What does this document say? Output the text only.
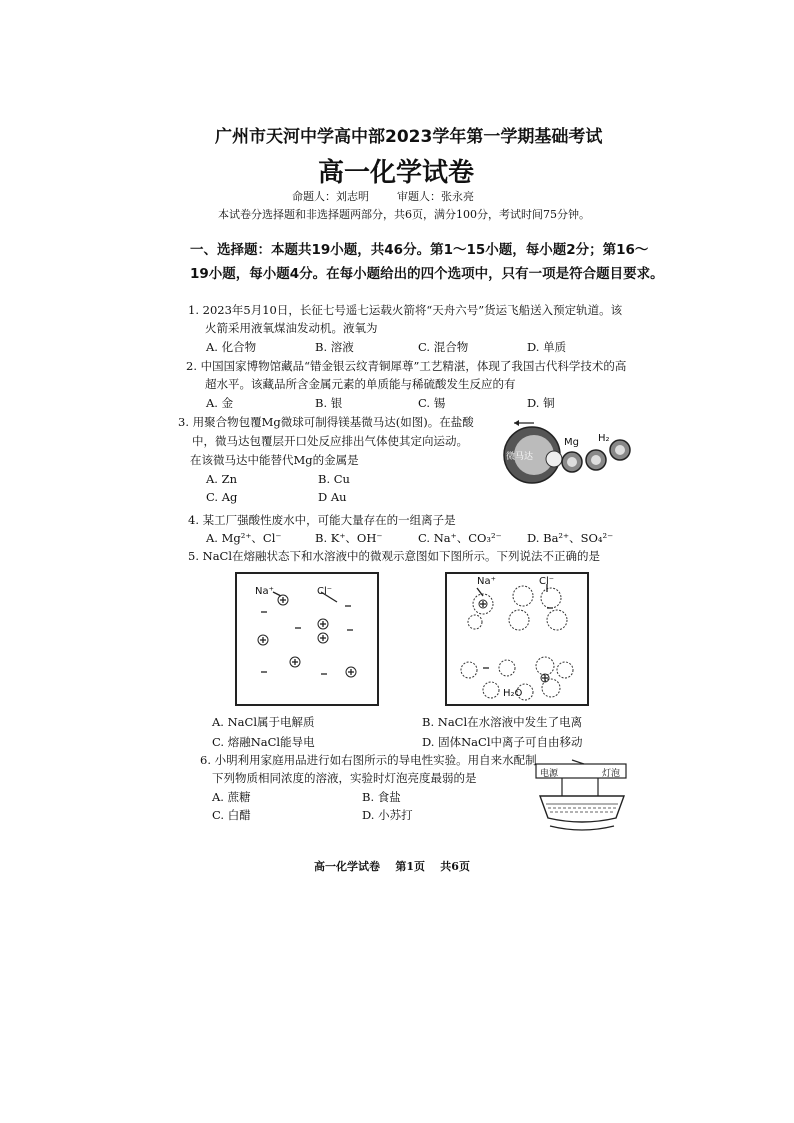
广州市天河中学高中部2023学年第一学期基础考试
高一化学试卷
命题人：刘志明        审题人：张永亮
本试卷分选择题和非选择题两部分，共6页，满分100分，考试时间75分钟。
一、选择题：本题共19小题，共46分。第1～15小题，每小题2分；第16～
19小题，每小题4分。在每小题给出的四个选项中，只有一项是符合题目要求。
1. 2023年5月10日，长征七号遥七运载火箭将“天舟六号”货运飞船送入预定轨道。该
火箭采用液氧煤油发动机。液氧为
A. 化合物	B. 溶液	C. 混合物	D. 单质
2. 中国国家博物馆藏品“错金银云纹青铜犀尊”工艺精湛，体现了我国古代科学技术的高
超水平。该藏品所含金属元素的单质能与稀硫酸发生反应的有
A. 金	B. 银	C. 锡	D. 铜
3. 用聚合物包覆Mg微球可制得镁基微马达(如图)。在盐酸
中，微马达包覆层开口处反应排出气体使其定向运动。
在该微马达中能替代Mg的金属是
A. Zn	B. Cu
C. Ag	D Au
微马达
Mg H₂
4. 某工厂强酸性废水中，可能大量存在的一组离子是
A. Mg²⁺、Cl⁻	B. K⁺、OH⁻	C. Na⁺、CO₃²⁻ D. Ba²⁺、SO₄²⁻
5. NaCl在熔融状态下和水溶液中的微观示意图如下图所示。下列说法不正确的是
Na⁺	Cl⁻
Na⁺	Cl⁻
H₂O
A. NaCl属于电解质	B. NaCl在水溶液中发生了电离
C. 熔融NaCl能导电	D. 固体NaCl中离子可自由移动
6. 小明利用家庭用品进行如右图所示的导电性实验。用自来水配制
下列物质相同浓度的溶液，实验时灯泡亮度最弱的是
A. 蔗糖	B. 食盐
C. 白醋	D. 小苏打
电源	灯泡
高一化学试卷    第1页    共6页
